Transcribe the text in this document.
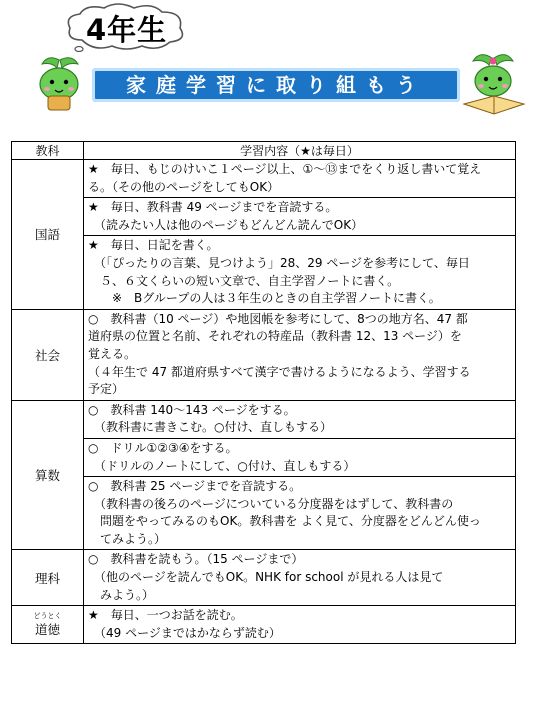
4年生
家庭学習に取り組もう
教科	学習内容（★は毎日）
国語	★　毎日、もじのけいこ１ページ以上、①～⑬までをくり返し書いて覚え
る。（その他のページをしてもOK）

	★　毎日、教科書 49 ページまでを音読する。
　（読みたい人は他のページもどんどん読んでOK）

	★　毎日、日記を書く。
　（「ぴったりの言葉、見つけよう」28、29 ページを参考にして、毎日
　５、６文くらいの短い文章で、自主学習ノートに書く。
　　※　Bグループの人は３年生のときの自主学習ノートに書く。

社会	○　教科書（10 ページ）や地図帳を参考にして、8つの地方名、47 都
道府県の位置と名前、それぞれの特産品（教科書 12、13 ページ）を
覚える。
（４年生で 47 都道府県すべて漢字で書けるようになるよう、学習する
予定）

算数	○　教科書 140～143 ページをする。
　（教科書に書きこむ。○付け、直しもする）

	○　ドリル①②③④をする。
　（ドリルのノートにして、○付け、直しもする）

	○　教科書 25 ページまでを音読する。
　（教科書の後ろのページについている分度器をはずして、教科書の
　問題をやってみるのもOK。教科書を よく見て、分度器をどんどん使っ
　てみよう。）

理科	○　教科書を読もう。（15 ページまで）
　（他のページを読んでもOK。NHK for school が見れる人は見て
　みよう。）

どうとく
道徳	★　毎日、一つお話を読む。
　（49 ページまではかならず読む）
